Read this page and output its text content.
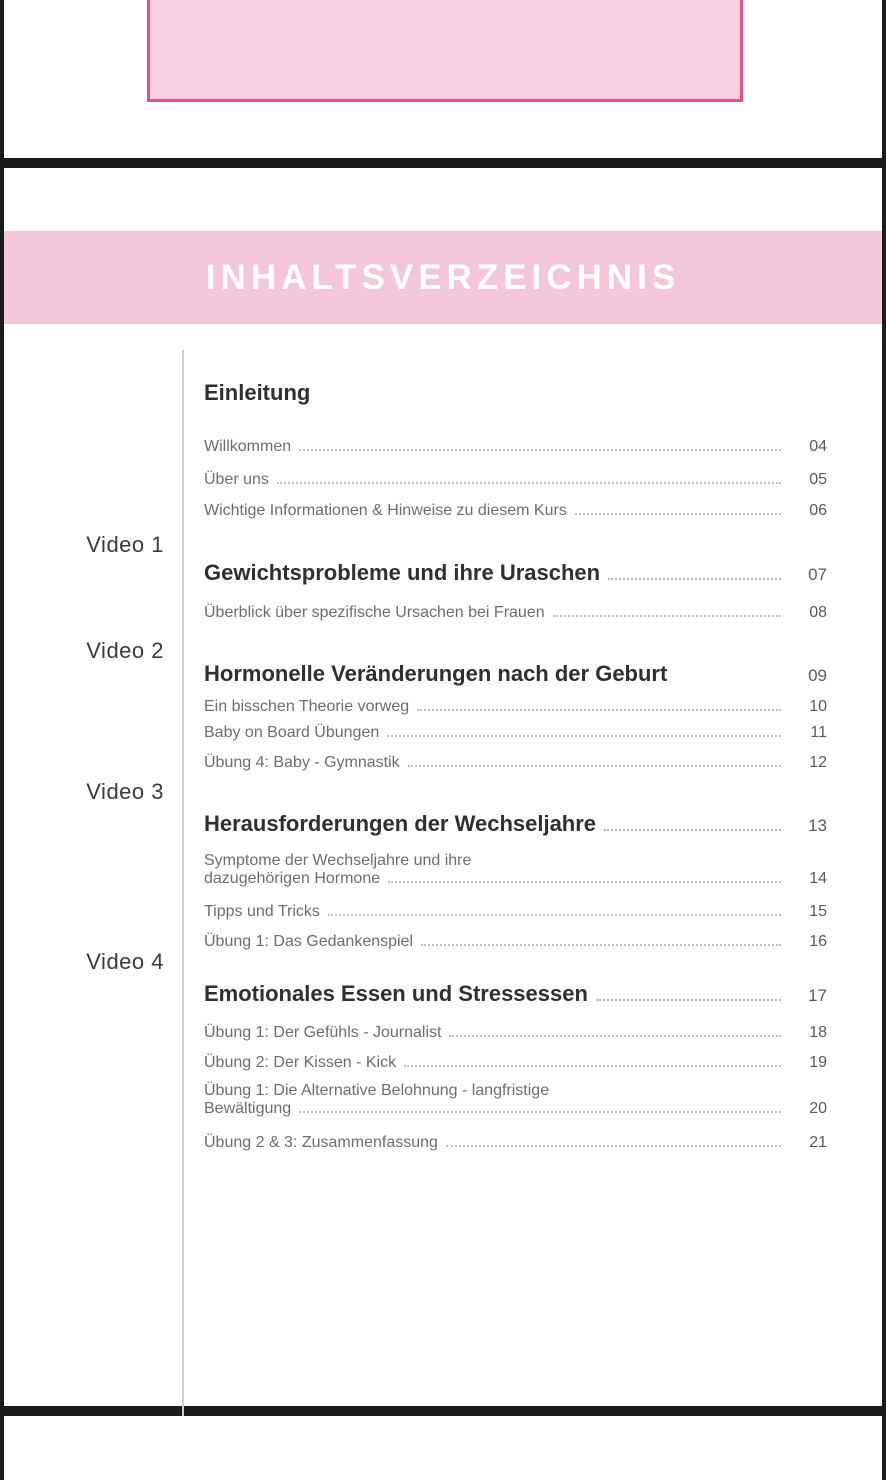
INHALTSVERZEICHNIS
Video 1
Video 2
Video 3
Video 4
Einleitung
Willkommen	04
Über uns	05
Wichtige Informationen & Hinweise zu diesem Kurs	06
Gewichtsprobleme und ihre Uraschen	07
Überblick über spezifische Ursachen bei Frauen	08
Hormonelle Veränderungen nach der Geburt	09
Ein bisschen Theorie vorweg	10
Baby on Board Übungen	11
Übung 4: Baby - Gymnastik	12
Herausforderungen der Wechseljahre	13
Symptome der Wechseljahre und ihre
dazugehörigen Hormone	14
Tipps und Tricks	15
Übung 1: Das Gedankenspiel	16
Emotionales Essen und Stressessen	17
Übung 1: Der Gefühls - Journalist	18
Übung 2: Der Kissen - Kick	19
Übung 1: Die Alternative Belohnung - langfristige
Bewältigung	20
Übung 2 & 3: Zusammenfassung	21
